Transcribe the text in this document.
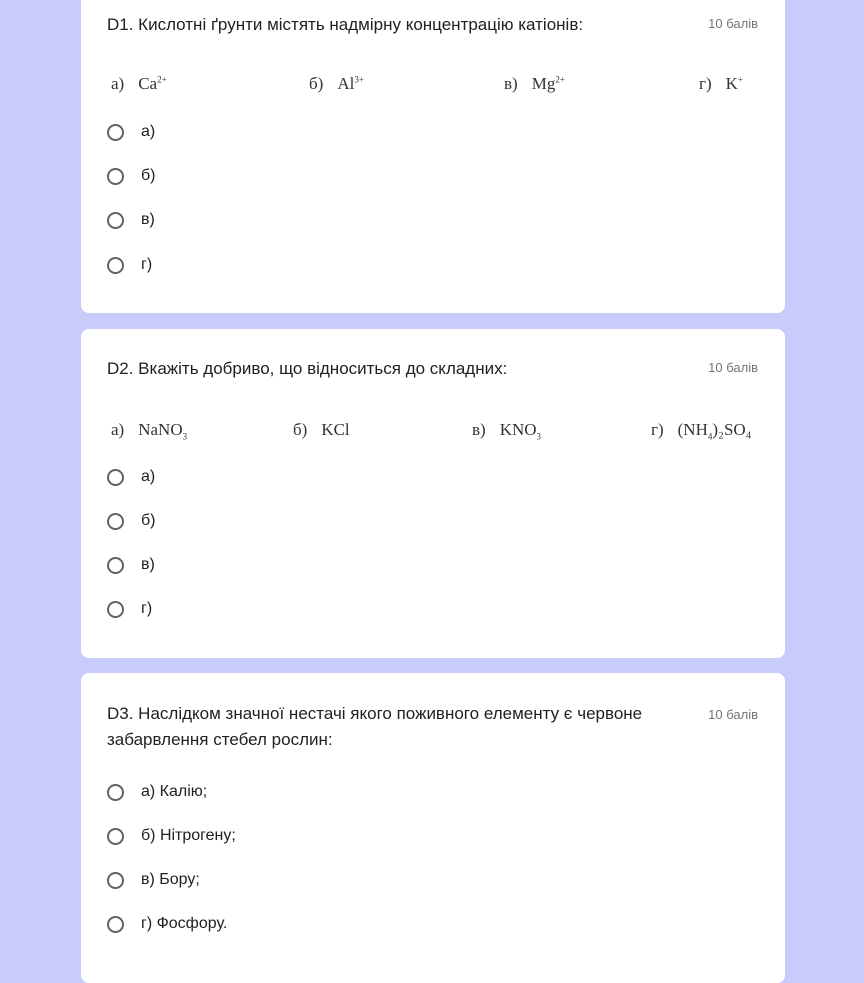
D1. Кислотні ґрунти містять надмірну концентрацію катіонів:	10 балів
а) $Ca^{2+}$	б) $Al^{3+}$	в) $Mg^{2+}$	г) K+
а)
б)
в)
г)
D2. Вкажіть добриво, що відноситься до складних:	10 балів
а) NaNO$_3$	б) KCl	в) $KNO_3$	г) $(NH_4)_2SO_4$
а)
б)
в)
г)
D3. Наслідком значної нестачі якого поживного елементу є червоне забарвлення стебел рослин:
10 балів
а) Калію;
б) Нітрогену;
в) Бору;
г) Фосфору.
